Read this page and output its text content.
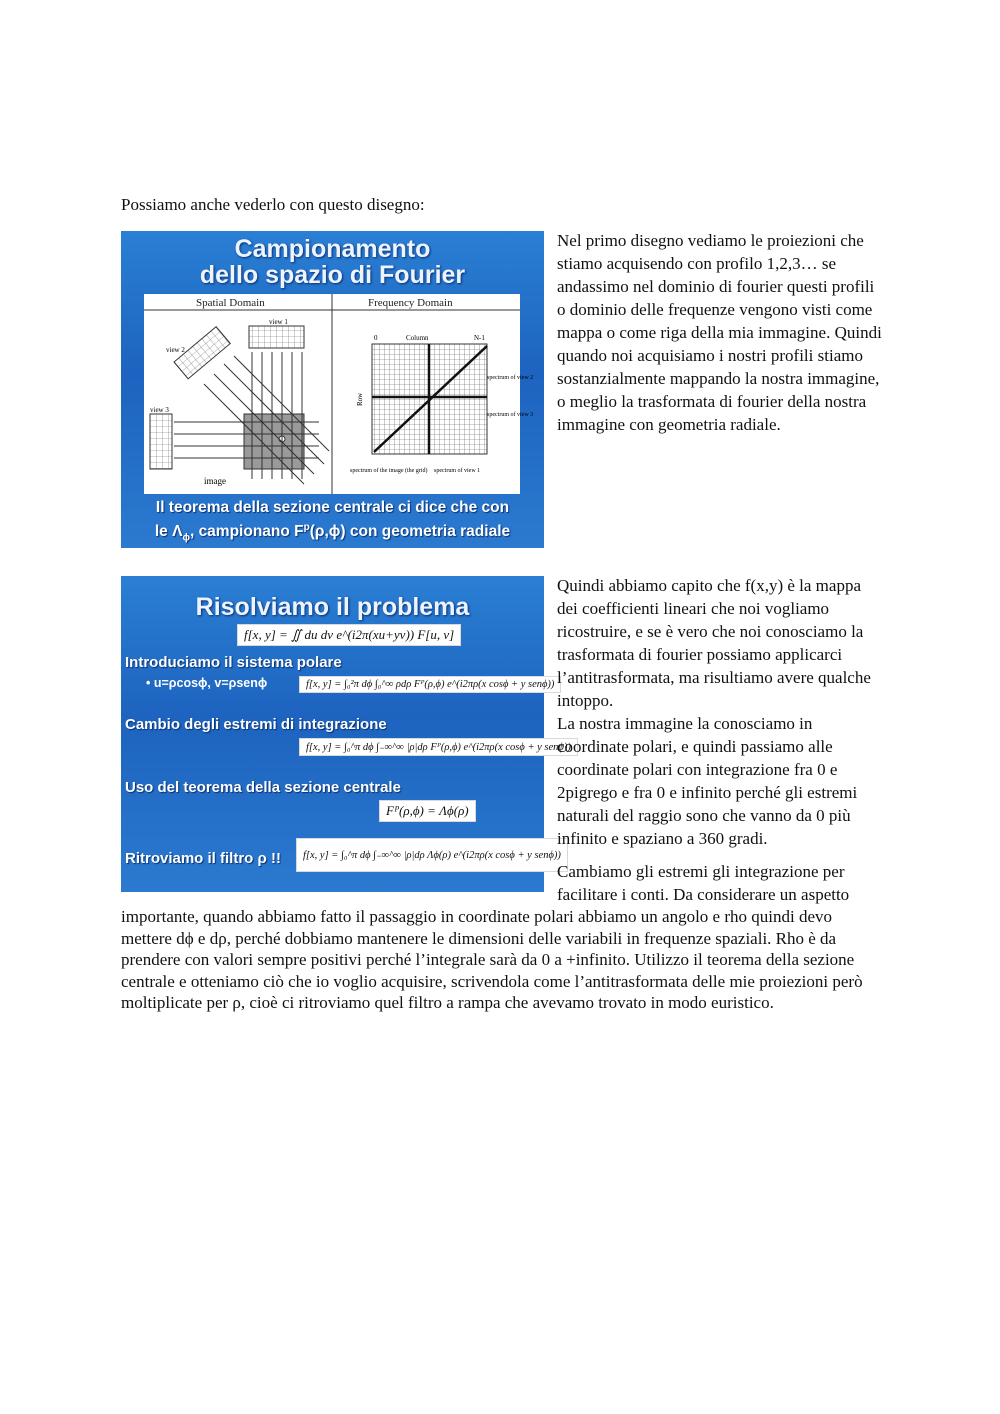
Possiamo anche vederlo con questo disegno:
Campionamento
dello spazio di Fourier
Spatial Domain	Frequency Domain
view 1
view 2
view 3
image
Column
0	N-1
Row
spectrum of view 2
spectrum of view 3
spectrum of the image (the grid) spectrum of view 1
Il teorema della sezione centrale ci dice che con
le $\Lambda_\phi$, campionano $F^p(\rho,\phi)$ con geometria radiale
Nel primo disegno vediamo le proiezioni che stiamo acquisendo con profilo 1,2,3… se andassimo nel dominio di fourier questi profili o dominio delle frequenze vengono visti come mappa o come riga della mia immagine. Quindi quando noi acquisiamo i nostri profili stiamo sostanzialmente mappando la nostra immagine, o meglio la trasformata di fourier della nostra immagine con geometria radiale.
Risolviamo il problema
f[x, y] = ∬ du dv e^(i2π(xu+yv)) F[u, v]
Introduciamo il sistema polare
• u=ρcosϕ, v=ρsenϕ	f[x, y] = ∫₀²π dϕ ∫₀^∞ ρdρ Fᴾ(ρ,ϕ) e^(i2πρ(x cosϕ + y senϕ))
Cambio degli estremi di integrazione
f[x, y] = ∫₀^π dϕ ∫₋∞^∞ |ρ|dρ Fᴾ(ρ,ϕ) e^(i2πρ(x cosϕ + y senϕ))
Uso del teorema della sezione centrale
Fᴾ(ρ,ϕ) = Λϕ(ρ)
Ritroviamo il filtro ρ !!	f[x, y] = ∫₀^π dϕ ∫₋∞^∞ |ρ|dρ Λϕ(ρ) e^(i2πρ(x cosϕ + y senϕ))

Quindi abbiamo capito che f(x,y) è la mappa dei coefficienti lineari che noi vogliamo ricostruire, e se è vero che noi conosciamo la trasformata di fourier possiamo applicarci l’antitrasformata, ma risultiamo avere qualche intoppo.

La nostra immagine la conosciamo in coordinate polari, e quindi passiamo alle coordinate polari con integrazione fra 0 e 2pigrego e fra 0 e infinito perché gli estremi naturali del raggio sono che vanno da 0 più infinito e spaziano a 360 gradi.

Cambiamo gli estremi gli integrazione per facilitare i conti. Da considerare un aspetto

importante, quando abbiamo fatto il passaggio in coordinate polari abbiamo un angolo e rho quindi devo mettere dϕ e dρ, perché dobbiamo mantenere le dimensioni delle variabili in frequenze spaziali. Rho è da prendere con valori sempre positivi perché l’integrale sarà da 0 a +infinito. Utilizzo il teorema della sezione centrale e otteniamo ciò che io voglio acquisire, scrivendola come l’antitrasformata delle mie proiezioni però moltiplicate per ρ, cioè ci ritroviamo quel filtro a rampa che avevamo trovato in modo euristico.
